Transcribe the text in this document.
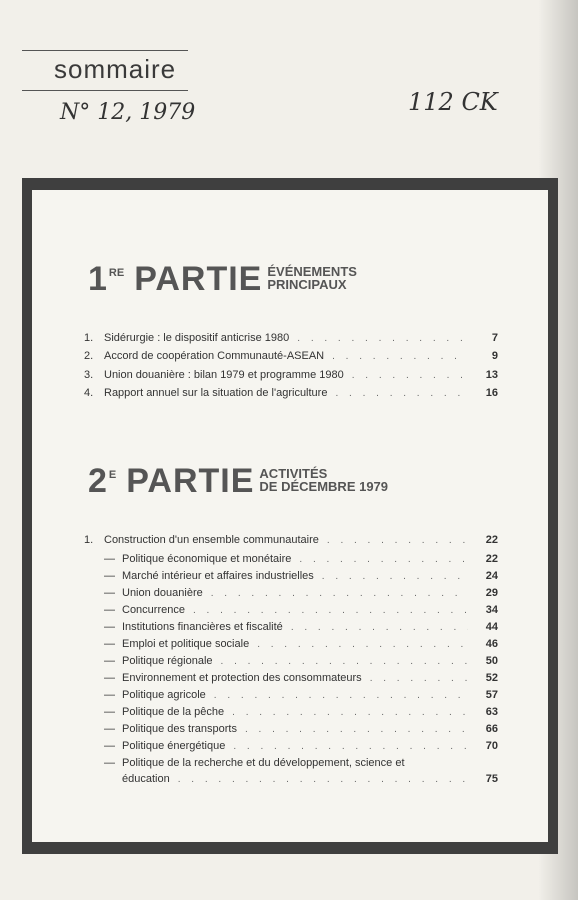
sommaire
N° 12, 1979	112 CK
1 RE PARTIE ÉVÉNEMENTS
PRINCIPAUX
1. Sidérurgie : le dispositif anticrise 1980 . . .	7
2. Accord de coopération Communauté-ASEAN . . .	9
3. Union douanière : bilan 1979 et programme 1980 . . .	13
4. Rapport annuel sur la situation de l'agriculture . . .	16
2 E PARTIE ACTIVITÉS
DE DÉCEMBRE 1979
1. Construction d'un ensemble communautaire . . .	22
— Politique économique et monétaire . . .	22
— Marché intérieur et affaires industrielles . . .	24
— Union douanière . . .	29
— Concurrence . . .	34
— Institutions financières et fiscalité . . .	44
— Emploi et politique sociale . . .	46
— Politique régionale . . .	50
— Environnement et protection des consommateurs . . .	52
— Politique agricole . . .	57
— Politique de la pêche . . .	63
— Politique des transports . . .	66
— Politique énergétique . . .	70
— Politique de la recherche et du développement, science et
éducation . . .	75
